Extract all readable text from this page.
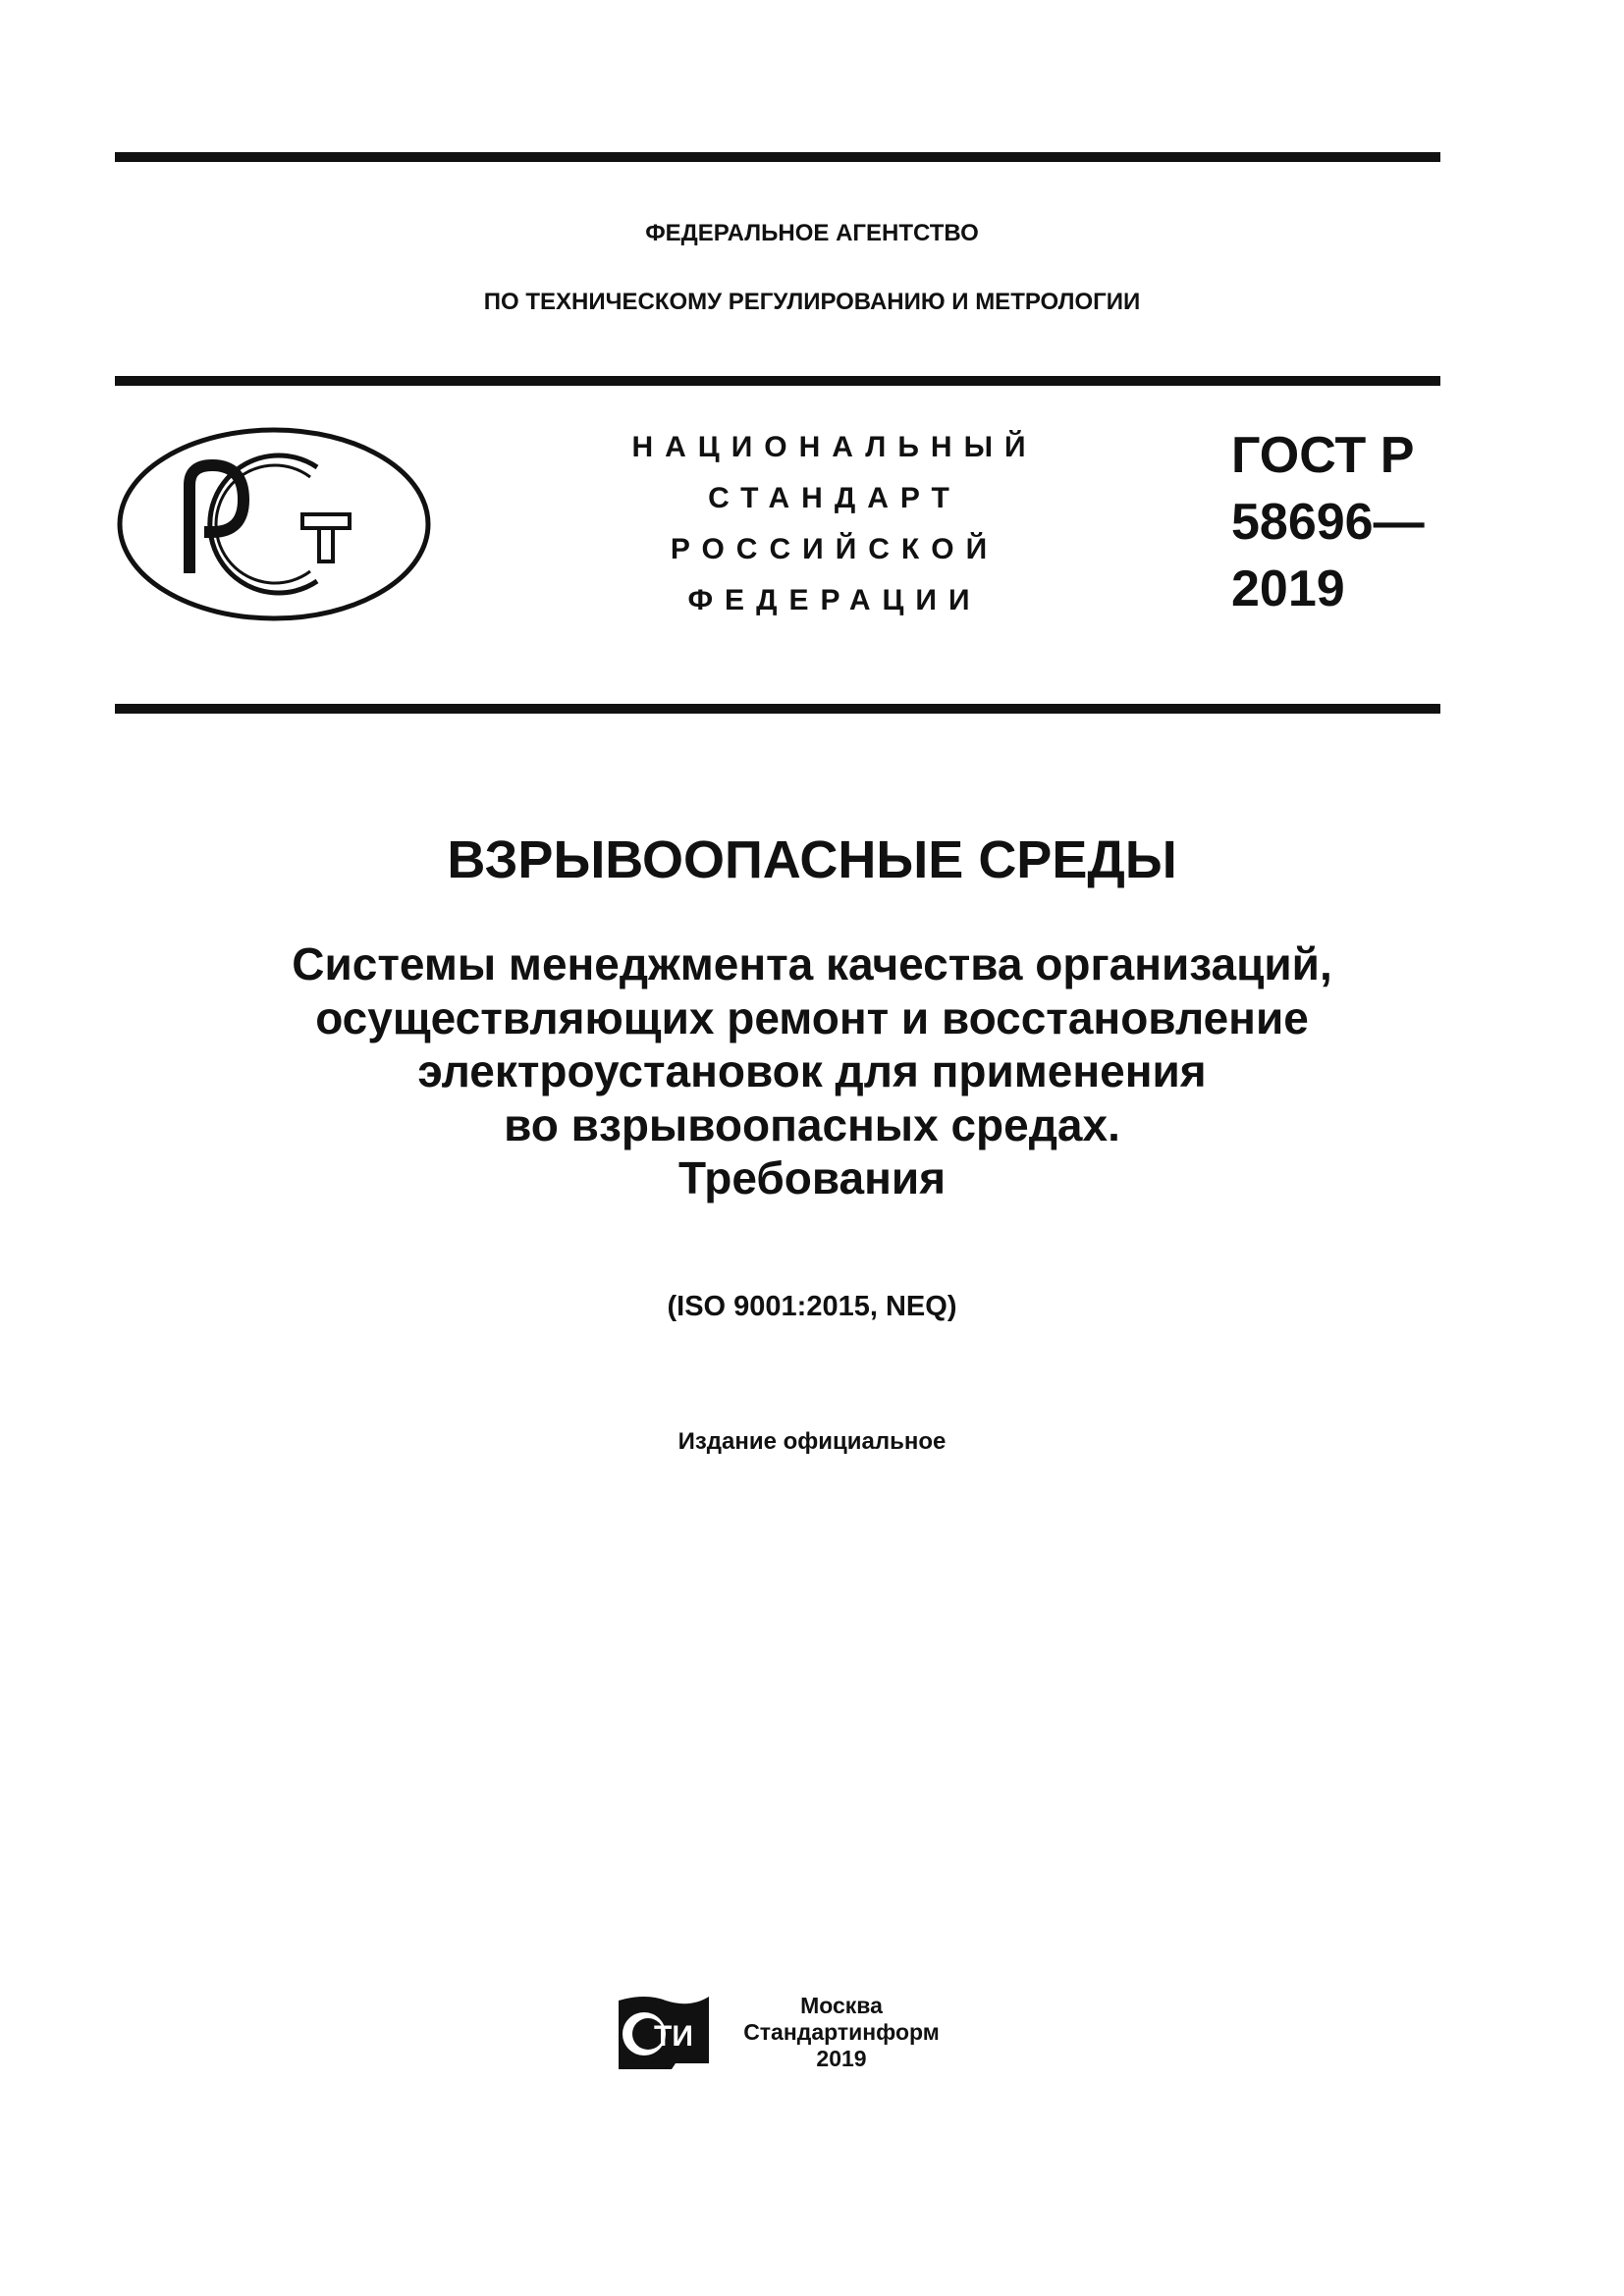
ФЕДЕРАЛЬНОЕ АГЕНТСТВО
ПО ТЕХНИЧЕСКОМУ РЕГУЛИРОВАНИЮ И МЕТРОЛОГИИ
НАЦИОНАЛЬНЫЙ
СТАНДАРТ
РОССИЙСКОЙ
ФЕДЕРАЦИИ
ГОСТ Р
58696—
2019
ВЗРЫВООПАСНЫЕ СРЕДЫ
Системы менеджмента качества организаций,
осуществляющих ремонт и восстановление
электроустановок для применения
во взрывоопасных средах.
Требования
(ISO 9001:2015, NEQ)
Издание официальное
ТИ
Москва
Стандартинформ
2019
